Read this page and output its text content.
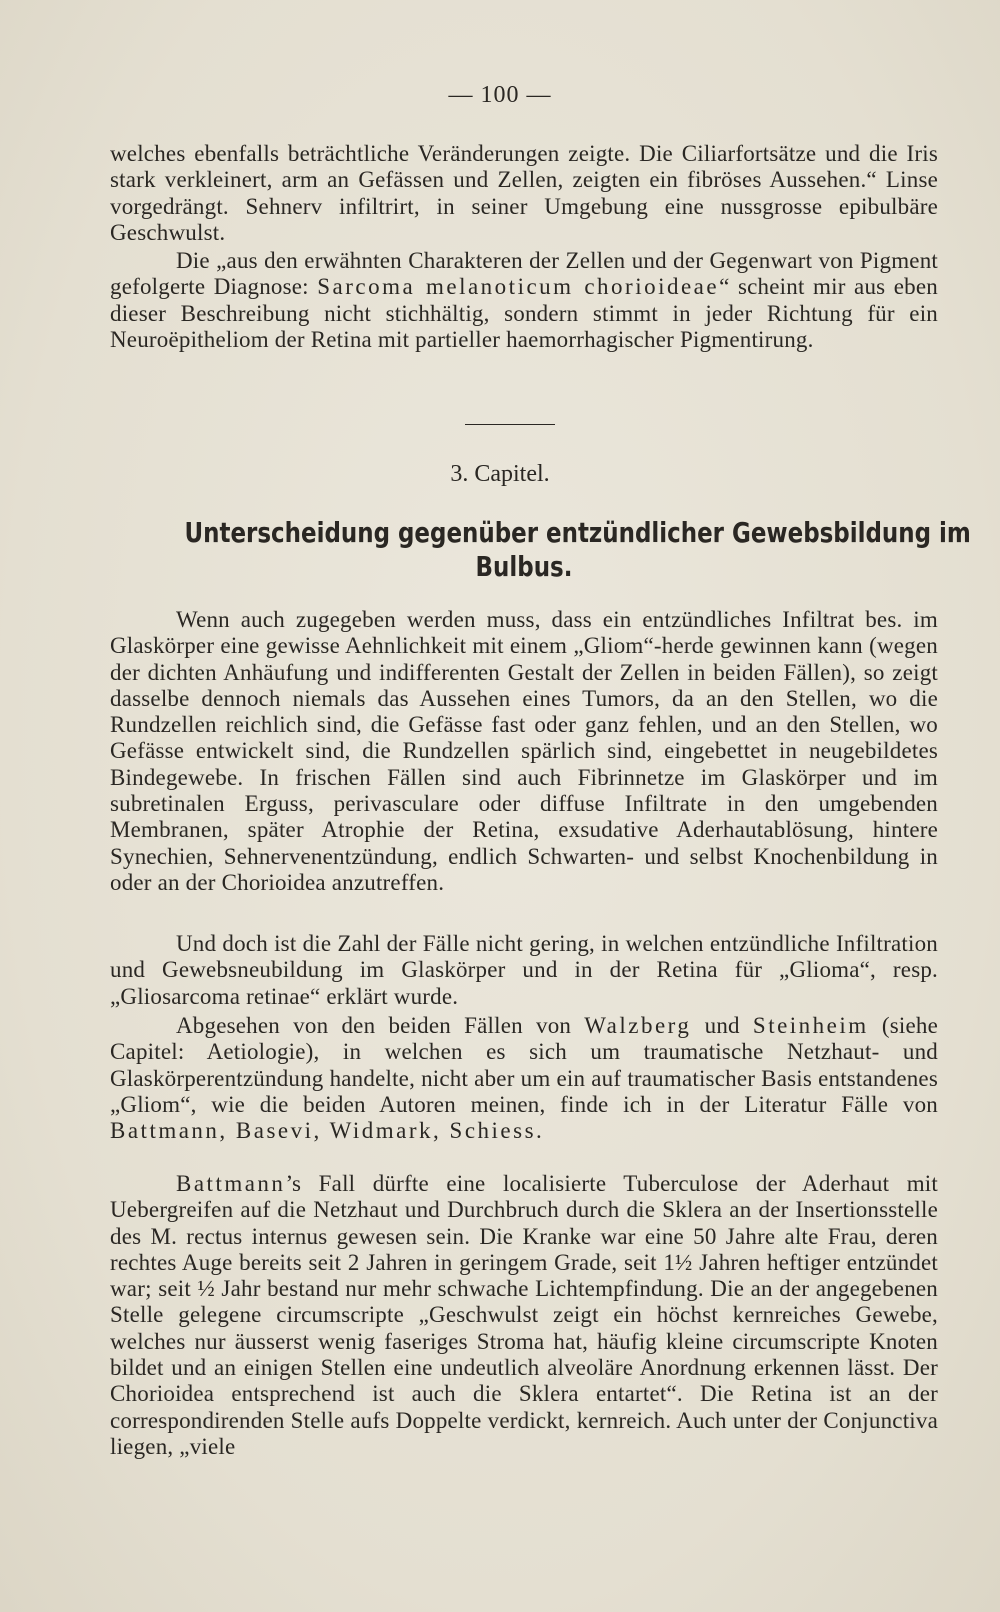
— 100 —

welches ebenfalls beträchtliche Veränderungen zeigte. Die Ciliarfortsätze und die Iris stark verkleinert, arm an Gefässen und Zellen, zeigten ein fibröses Aussehen.“ Linse vorgedrängt. Sehnerv infiltrirt, in seiner Umgebung eine nussgrosse epibulbäre Geschwulst.

Die „aus den erwähnten Charakteren der Zellen und der Gegenwart von Pigment gefolgerte Diagnose: Sarcoma melanoticum chorioideae“ scheint mir aus eben dieser Beschreibung nicht stichhältig, sondern stimmt in jeder Richtung für ein Neuroëpitheliom der Retina mit partieller haemorrhagischer Pigmentirung.

3. Capitel.
Unterscheidung gegenüber entzündlicher Gewebsbildung im
Bulbus.

Wenn auch zugegeben werden muss, dass ein entzündliches Infiltrat bes. im Glaskörper eine gewisse Aehnlichkeit mit einem „Gliom“-herde gewinnen kann (wegen der dichten Anhäufung und indifferenten Gestalt der Zellen in beiden Fällen), so zeigt dasselbe dennoch niemals das Aussehen eines Tumors, da an den Stellen, wo die Rundzellen reichlich sind, die Gefässe fast oder ganz fehlen, und an den Stellen, wo Gefässe entwickelt sind, die Rundzellen spärlich sind, eingebettet in neugebildetes Bindegewebe. In frischen Fällen sind auch Fibrinnetze im Glaskörper und im subretinalen Erguss, perivasculare oder diffuse Infiltrate in den umgebenden Membranen, später Atrophie der Retina, exsudative Aderhautablösung, hintere Synechien, Sehnervenentzündung, endlich Schwarten- und selbst Knochenbildung in oder an der Chorioidea anzutreffen.

Und doch ist die Zahl der Fälle nicht gering, in welchen entzündliche Infiltration und Gewebsneubildung im Glaskörper und in der Retina für „Glioma“, resp. „Gliosarcoma retinae“ erklärt wurde.

Abgesehen von den beiden Fällen von Walzberg und Steinheim (siehe Capitel: Aetiologie), in welchen es sich um traumatische Netzhaut- und Glaskörperentzündung handelte, nicht aber um ein auf traumatischer Basis entstandenes „Gliom“, wie die beiden Autoren meinen, finde ich in der Literatur Fälle von Battmann, Basevi, Widmark, Schiess.

Battmann’s Fall dürfte eine localisierte Tuberculose der Aderhaut mit Uebergreifen auf die Netzhaut und Durchbruch durch die Sklera an der Insertionsstelle des M. rectus internus gewesen sein. Die Kranke war eine 50 Jahre alte Frau, deren rechtes Auge bereits seit 2 Jahren in geringem Grade, seit 1½ Jahren heftiger entzündet war; seit ½ Jahr bestand nur mehr schwache Lichtempfindung. Die an der angegebenen Stelle gelegene circumscripte „Geschwulst zeigt ein höchst kernreiches Gewebe, welches nur äusserst wenig faseriges Stroma hat, häufig kleine circumscripte Knoten bildet und an einigen Stellen eine undeutlich alveoläre Anordnung erkennen lässt. Der Chorioidea entsprechend ist auch die Sklera entartet“. Die Retina ist an der correspondirenden Stelle aufs Doppelte verdickt, kernreich. Auch unter der Conjunctiva liegen, „viele
